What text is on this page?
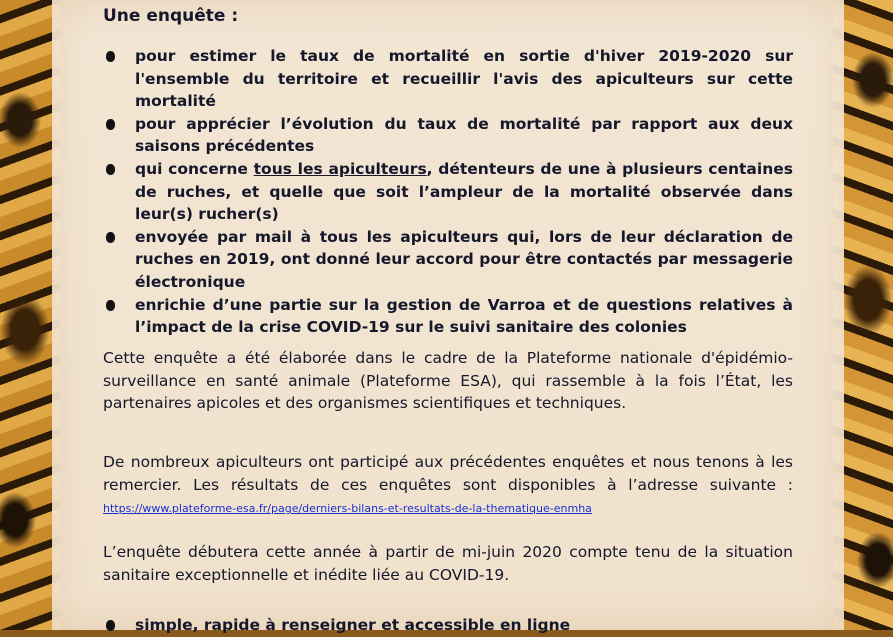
Une enquête :
pour estimer le taux de mortalité en sortie d'hiver 2019-2020 sur l'ensemble du territoire et recueillir l'avis des apiculteurs sur cette mortalité
pour apprécier l’évolution du taux de mortalité par rapport aux deux saisons précédentes
qui concerne tous les apiculteurs, détenteurs de une à plusieurs centaines de ruches, et quelle que soit l’ampleur de la mortalité observée dans leur(s) rucher(s)
envoyée par mail à tous les apiculteurs qui, lors de leur déclaration de ruches en 2019, ont donné leur accord pour être contactés par messagerie électronique
enrichie d’une partie sur la gestion de Varroa et de questions relatives à l’impact de la crise COVID-19 sur le suivi sanitaire des colonies
Cette enquête a été élaborée dans le cadre de la Plateforme nationale d'épidémio-surveillance en santé animale (Plateforme ESA), qui rassemble à la fois l’État, les partenaires apicoles et des organismes scientifiques et techniques.
De nombreux apiculteurs ont participé aux précédentes enquêtes et nous tenons à les remercier. Les résultats de ces enquêtes sont disponibles à l’adresse suivante : https://www.plateforme-esa.fr/page/derniers-bilans-et-resultats-de-la-thematique-enmha
L’enquête débutera cette année à partir de mi-juin 2020 compte tenu de la situation sanitaire exceptionnelle et inédite liée au COVID-19.
simple, rapide à renseigner et accessible en ligne
